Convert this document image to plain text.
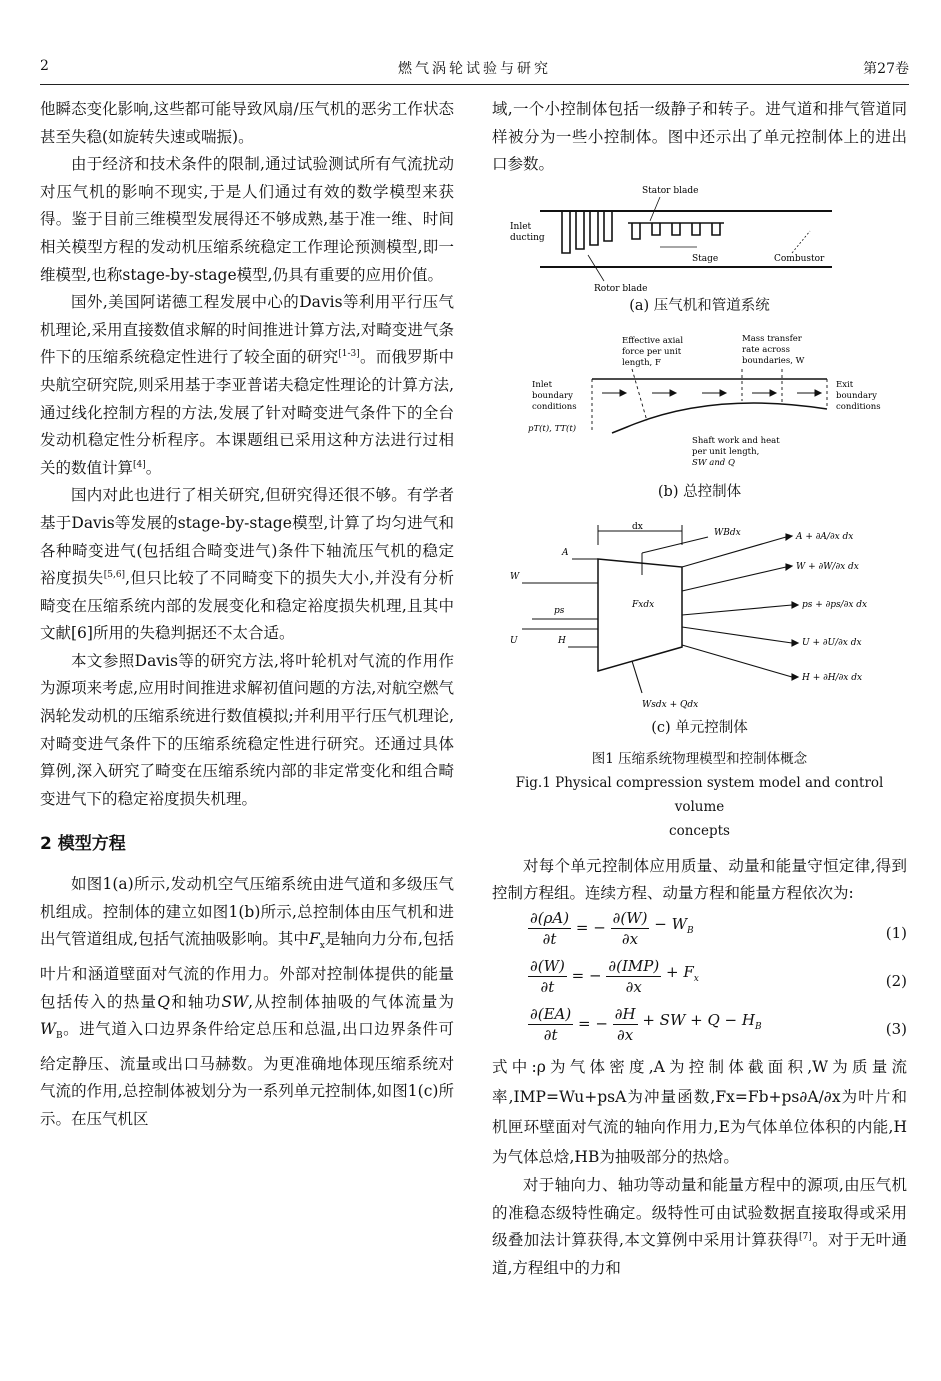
2	燃气涡轮试验与研究	第27卷

他瞬态变化影响,这些都可能导致风扇/压气机的恶劣工作状态甚至失稳(如旋转失速或喘振)。

由于经济和技术条件的限制,通过试验测试所有气流扰动对压气机的影响不现实,于是人们通过有效的数学模型来获得。鉴于目前三维模型发展得还不够成熟,基于准一维、时间相关模型方程的发动机压缩系统稳定工作理论预测模型,即一维模型,也称stage-by-stage模型,仍具有重要的应用价值。

国外,美国阿诺德工程发展中心的Davis等利用平行压气机理论,采用直接数值求解的时间推进计算方法,对畸变进气条件下的压缩系统稳定性进行了较全面的研究[1-3]。而俄罗斯中央航空研究院,则采用基于李亚普诺夫稳定性理论的计算方法,通过线化控制方程的方法,发展了针对畸变进气条件下的全台发动机稳定性分析程序。本课题组已采用这种方法进行过相关的数值计算[4]。

国内对此也进行了相关研究,但研究得还很不够。有学者基于Davis等发展的stage-by-stage模型,计算了均匀进气和各种畸变进气(包括组合畸变进气)条件下轴流压气机的稳定裕度损失[5,6],但只比较了不同畸变下的损失大小,并没有分析畸变在压缩系统内部的发展变化和稳定裕度损失机理,且其中文献[6]所用的失稳判据还不太合适。

本文参照Davis等的研究方法,将叶轮机对气流的作用作为源项来考虑,应用时间推进求解初值问题的方法,对航空燃气涡轮发动机的压缩系统进行数值模拟;并利用平行压气机理论,对畸变进气条件下的压缩系统稳定性进行研究。还通过具体算例,深入研究了畸变在压缩系统内部的非定常变化和组合畸变进气下的稳定裕度损失机理。

2 模型方程

如图1(a)所示,发动机空气压缩系统由进气道和多级压气机组成。控制体的建立如图1(b)所示,总控制体由压气机和进出气管道组成,包括气流抽吸影响。其中$F_x$是轴向力分布,包括叶片和涵道壁面对气流的作用力。外部对控制体提供的能量包括传入的热量Q和轴功SW,从控制体抽吸的气体流量为$W_B$。进气道入口边界条件给定总压和总温,出口边界条件可给定静压、流量或出口马赫数。为更准确地体现压缩系统对气流的作用,总控制体被划分为一系列单元控制体,如图1(c)所示。在压气机区

域,一个小控制体包括一级静子和转子。进气道和排气管道同样被分为一些小控制体。图中还示出了单元控制体上的进出口参数。

Stator blade
Inlet
ducting
Stage	Combustor
Rotor blade
(a) 压气机和管道系统
Effective axial
force per unit
length, F
Mass transfer
rate across
boundaries, W
Inlet
boundary
conditions
Exit
boundary
conditions
pT(t), TT(t)
Shaft work and heat
per unit length,
SW and Q
(b) 总控制体
dx
WBdx
Fxdx
A
W
ps
U	H
Wsdx + Qdx
A + ∂A/∂x dx
W + ∂W/∂x dx
ps + ∂ps/∂x dx
U + ∂U/∂x dx
H + ∂H/∂x dx
(c) 单元控制体
图1 压缩系统物理模型和控制体概念
Fig.1 Physical compression system model and control volume
concepts

对每个单元控制体应用质量、动量和能量守恒定律,得到控制方程组。连续方程、动量方程和能量方程依次为:

$\frac{\partial(\rho A)}{\partial t}$ = − $\frac{\partial(W)}{\partial x} - W_B$	(1)
$\frac{\partial(W)}{\partial t}$ = − $\frac{\text{∂(IMP)}}{\partial x} + F_x$	(2)
$\frac{\partial(EA)}{\partial t}$ = − $\frac{\partial H}{\partial x}$ + SW + $Q - H_B$	(3)

式中:ρ为气体密度,A为控制体截面积,W为质量流率,IMP=Wu+psA为冲量函数,Fx=Fb+ps∂A/∂x为叶片和机匣环壁面对气流的轴向作用力,E为气体单位体积的内能,H为气体总焓,HB为抽吸部分的热焓。

对于轴向力、轴功等动量和能量方程中的源项,由压气机的准稳态级特性确定。级特性可由试验数据直接取得或采用级叠加法计算获得,本文算例中采用计算获得[7]。对于无叶通道,方程组中的力和
